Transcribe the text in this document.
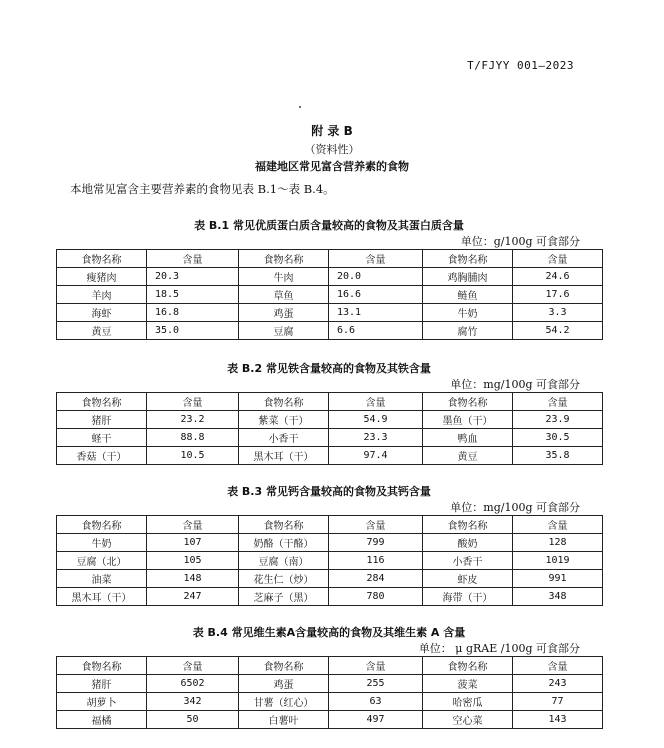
T/FJYY 001—2023
附 录 B
（资料性）
福建地区常见富含营养素的食物
本地常见富含主要营养素的食物见表 B.1～表 B.4。
表 B.1 常见优质蛋白质含量较高的食物及其蛋白质含量
单位：g/100g 可食部分
食物名称	含量	食物名称	含量	食物名称	含量
瘦猪肉	20.3	牛肉	20.0	鸡胸脯肉	24.6
羊肉	18.5	草鱼	16.6	鲢鱼	17.6
海虾	16.8	鸡蛋	13.1	牛奶	3.3
黄豆	35.0	豆腐	6.6	腐竹	54.2
表 B.2 常见铁含量较高的食物及其铁含量
单位：mg/100g 可食部分
食物名称	含量	食物名称	含量	食物名称	含量
猪肝	23.2	紫菜（干）	54.9	墨鱼（干）	23.9
蛏干	88.8	小香干	23.3	鸭血	30.5
香菇（干）	10.5	黑木耳（干）	97.4	黄豆	35.8
表 B.3 常见钙含量较高的食物及其钙含量
单位：mg/100g 可食部分
食物名称	含量	食物名称	含量	食物名称	含量
牛奶	107	奶酪（干酪）	799	酸奶	128
豆腐（北）	105	豆腐（南）	116	小香干	1019
油菜	148	花生仁（炒）	284	虾皮	991
黑木耳（干）	247	芝麻子（黑）	780	海带（干）	348
表 B.4 常见维生素A含量较高的食物及其维生素 A 含量
单位： μ gRAE /100g 可食部分
食物名称	含量	食物名称	含量	食物名称	含量
猪肝	6502	鸡蛋	255	菠菜	243
胡萝卜	342	甘薯（红心）	63	哈密瓜	77
福橘	50	白薯叶	497	空心菜	143
